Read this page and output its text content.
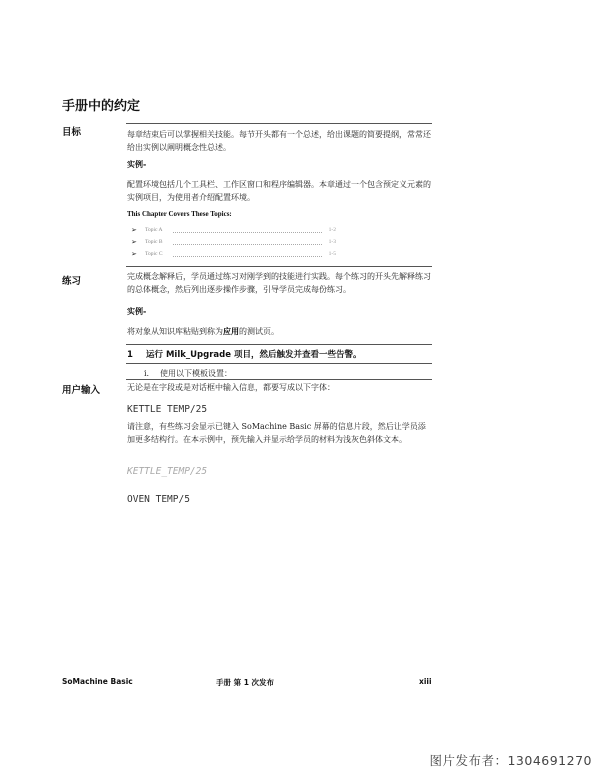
手册中的约定
目标	每章结束后可以掌握相关技能。每节开头都有一个总述，给出课题的简要提纲，常常还给出实例以阐明概念性总述。
实例-
配置环境包括几个工具栏、工作区窗口和程序编辑器。本章通过一个包含预定义元素的实例项目，为使用者介绍配置环境。
This Chapter Covers These Topics:
➢ Topic A	1-2
➢ Topic B	1-3
➢ Topic C	1-5
练习	完成概念解释后，学员通过练习对刚学到的技能进行实践。每个练习的开头先解释练习的总体概念，然后列出逐步操作步骤，引导学员完成每份练习。
实例-
将对象从知识库粘贴到称为应用的测试页。
1 运行 Milk_Upgrade 项目，然后触发并查看一些告警。
i. 使用以下模板设置：
用户输入	无论是在字段或是对话框中输入信息，都要写成以下字体：
KETTLE TEMP/25
请注意，有些练习会显示已键入 SoMachine Basic 屏幕的信息片段，然后让学员添加更多结构行。在本示例中，预先输入并显示给学员的材料为浅灰色斜体文本。
KETTLE_TEMP/25
OVEN TEMP/5
SoMachine Basic	手册 第 1 次发布	xiii
图片发布者：1304691270
